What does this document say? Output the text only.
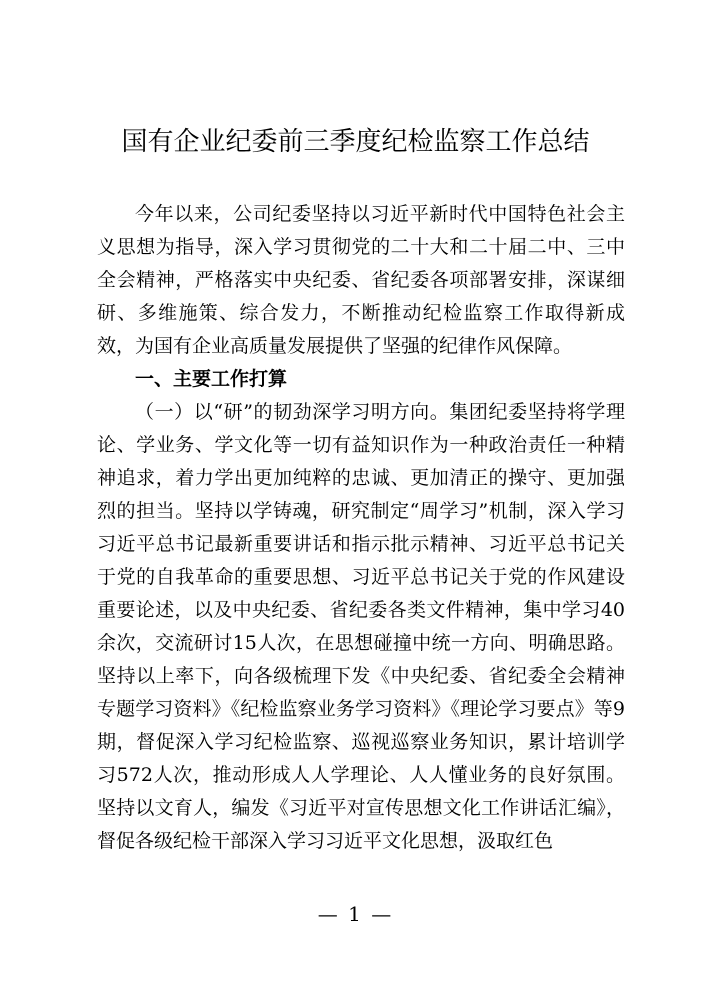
国有企业纪委前三季度纪检监察工作总结
今年以来，公司纪委坚持以习近平新时代中国特色社会主义思想为指导，深入学习贯彻党的二十大和二十届二中、三中全会精神，严格落实中央纪委、省纪委各项部署安排，深谋细研、多维施策、综合发力，不断推动纪检监察工作取得新成效，为国有企业高质量发展提供了坚强的纪律作风保障。
一、主要工作打算
（一）以“研”的韧劲深学习明方向。集团纪委坚持将学理论、学业务、学文化等一切有益知识作为一种政治责任一种精神追求，着力学出更加纯粹的忠诚、更加清正的操守、更加强烈的担当。坚持以学铸魂，研究制定“周学习”机制，深入学习习近平总书记最新重要讲话和指示批示精神、习近平总书记关于党的自我革命的重要思想、习近平总书记关于党的作风建设重要论述，以及中央纪委、省纪委各类文件精神，集中学习40余次，交流研讨15人次，在思想碰撞中统一方向、明确思路。坚持以上率下，向各级梳理下发《中央纪委、省纪委全会精神专题学习资料》《纪检监察业务学习资料》《理论学习要点》等9期，督促深入学习纪检监察、巡视巡察业务知识，累计培训学习572人次，推动形成人人学理论、人人懂业务的良好氛围。坚持以文育人，编发《习近平对宣传思想文化工作讲话汇编》，督促各级纪检干部深入学习习近平文化思想，汲取红色
— 1 —
